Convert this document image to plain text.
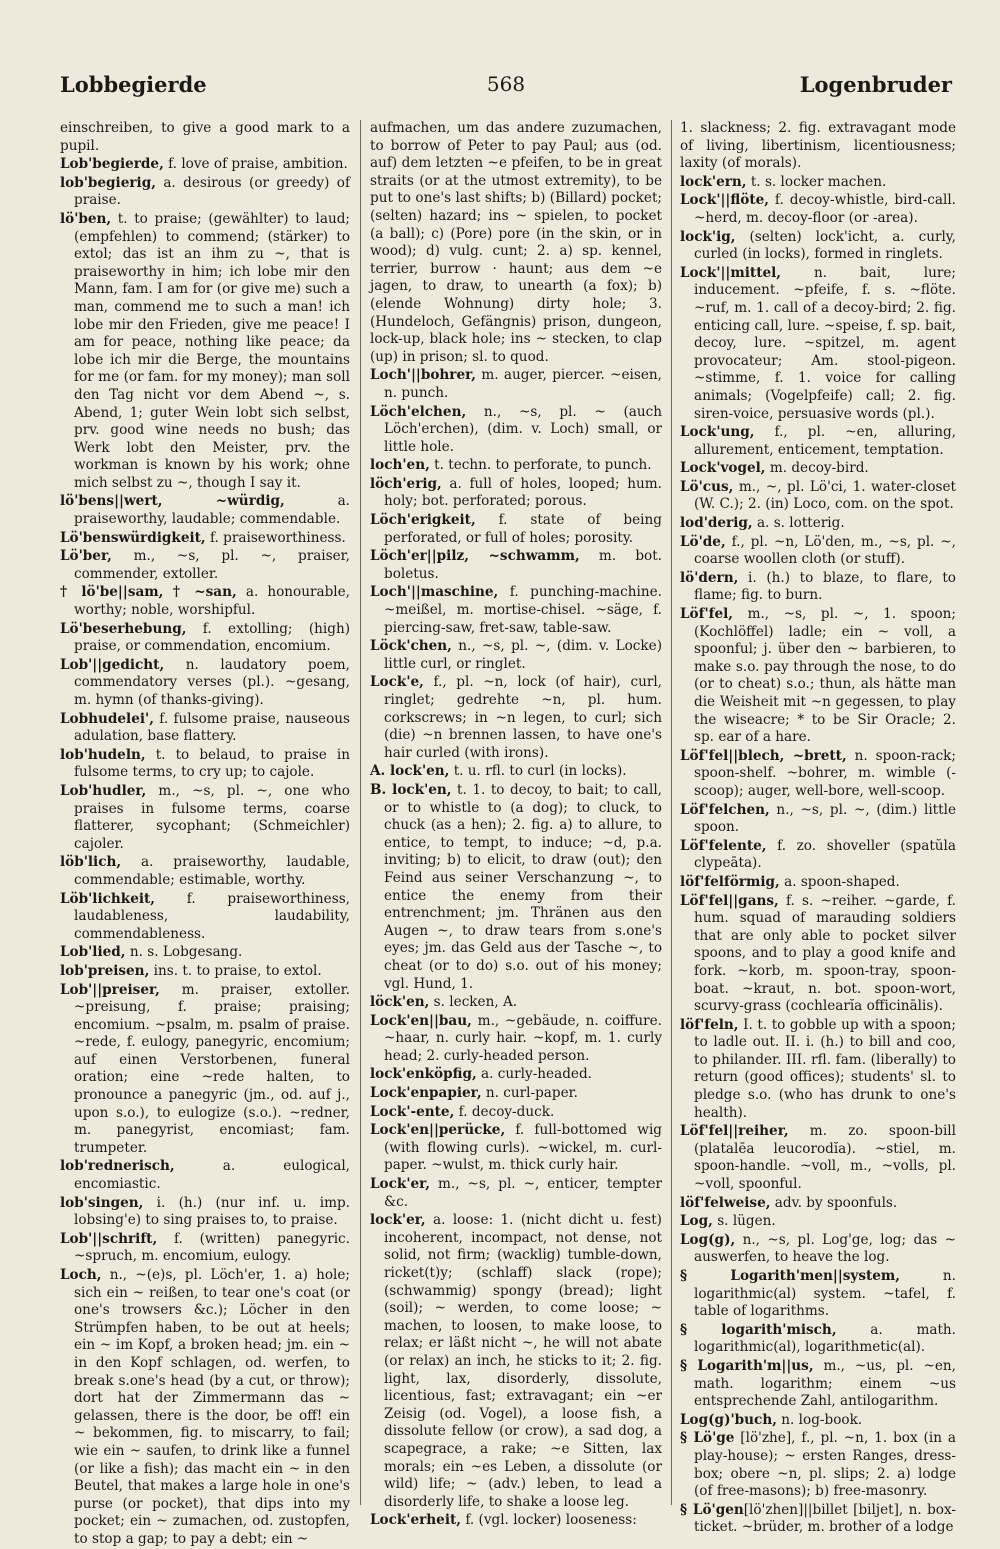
Lobbegierde	568	Logenbruder
einschreiben, to give a good mark to a pupil.
Lob'begierde, f. love of praise, ambition.
lob'begierig, a. desirous (or greedy) of praise.
lö'ben, t. to praise; (gewählter) to laud; (empfehlen) to commend; (stärker) to extol; das ist an ihm zu ~, that is praiseworthy in him; ich lobe mir den Mann, fam. I am for (or give me) such a man, commend me to such a man! ich lobe mir den Frieden, give me peace! I am for peace, nothing like peace; da lobe ich mir die Berge, the mountains for me (or fam. for my money); man soll den Tag nicht vor dem Abend ~, s. Abend, 1; guter Wein lobt sich selbst, prv. good wine needs no bush; das Werk lobt den Meister, prv. the workman is known by his work; ohne mich selbst zu ~, though I say it.
lö'bens||wert, ~würdig, a. praiseworthy, laudable; commendable.
Lö'benswürdigkeit, f. praiseworthiness.
Lö'ber, m., ~s, pl. ~, praiser, commender, extoller.
† lö'be||sam, † ~san, a. honourable, worthy; noble, worshipful.
Lö'beserhebung, f. extolling; (high) praise, or commendation, encomium.
Lob'||gedicht, n. laudatory poem, commendatory verses (pl.). ~gesang, m. hymn (of thanks-giving).
Lobhudelei', f. fulsome praise, nauseous adulation, base flattery.
lob'hudeln, t. to belaud, to praise in fulsome terms, to cry up; to cajole.
Lob'hudler, m., ~s, pl. ~, one who praises in fulsome terms, coarse flatterer, sycophant; (Schmeichler) cajoler.
löb'lich, a. praiseworthy, laudable, commendable; estimable, worthy.
Löb'lichkeit, f. praiseworthiness, laudableness, laudability, commendableness.
Lob'lied, n. s. Lobgesang.
lob'preisen, ins. t. to praise, to extol.
Lob'||preiser, m. praiser, extoller. ~preisung, f. praise; praising; encomium. ~psalm, m. psalm of praise. ~rede, f. eulogy, panegyric, encomium; auf einen Verstorbenen, funeral oration; eine ~rede halten, to pronounce a panegyric (jm., od. auf j., upon s.o.), to eulogize (s.o.). ~redner, m. panegyrist, encomiast; fam. trumpeter.
lob'rednerisch, a. eulogical, encomiastic.
lob'singen, i. (h.) (nur inf. u. imp. lobsing'e) to sing praises to, to praise.
Lob'||schrift, f. (written) panegyric. ~spruch, m. encomium, eulogy.
Loch, n., ~(e)s, pl. Löch'er, 1. a) hole; sich ein ~ reißen, to tear one's coat (or one's trowsers &c.); Löcher in den Strümpfen haben, to be out at heels; ein ~ im Kopf, a broken head; jm. ein ~ in den Kopf schlagen, od. werfen, to break s.one's head (by a cut, or throw); dort hat der Zimmermann das ~ gelassen, there is the door, be off! ein ~ bekommen, fig. to miscarry, to fail; wie ein ~ saufen, to drink like a funnel (or like a fish); das macht ein ~ in den Beutel, that makes a large hole in one's purse (or pocket), that dips into my pocket; ein ~ zumachen, od. zustopfen, to stop a gap; to pay a debt; ein ~
aufmachen, um das andere zuzumachen, to borrow of Peter to pay Paul; aus (od. auf) dem letzten ~e pfeifen, to be in great straits (or at the utmost extremity), to be put to one's last shifts; b) (Billard) pocket; (selten) hazard; ins ~ spielen, to pocket (a ball); c) (Pore) pore (in the skin, or in wood); d) vulg. cunt; 2. a) sp. kennel, terrier, burrow · haunt; aus dem ~e jagen, to draw, to unearth (a fox); b) (elende Wohnung) dirty hole; 3. (Hundeloch, Gefängnis) prison, dungeon, lock-up, black hole; ins ~ stecken, to clap (up) in prison; sl. to quod.
Loch'||bohrer, m. auger, piercer. ~eisen, n. punch.
Löch'elchen, n., ~s, pl. ~ (auch Löch'erchen), (dim. v. Loch) small, or little hole.
loch'en, t. techn. to perforate, to punch.
löch'erig, a. full of holes, looped; hum. holy; bot. perforated; porous.
Löch'erigkeit, f. state of being perforated, or full of holes; porosity.
Löch'er||pilz, ~schwamm, m. bot. boletus.
Loch'||maschine, f. punching-machine. ~meißel, m. mortise-chisel. ~säge, f. piercing-saw, fret-saw, table-saw.
Löck'chen, n., ~s, pl. ~, (dim. v. Locke) little curl, or ringlet.
Lock'e, f., pl. ~n, lock (of hair), curl, ringlet; gedrehte ~n, pl. hum. corkscrews; in ~n legen, to curl; sich (die) ~n brennen lassen, to have one's hair curled (with irons).
A. lock'en, t. u. rfl. to curl (in locks).
B. lock'en, t. 1. to decoy, to bait; to call, or to whistle to (a dog); to cluck, to chuck (as a hen); 2. fig. a) to allure, to entice, to tempt, to induce; ~d, p.a. inviting; b) to elicit, to draw (out); den Feind aus seiner Verschanzung ~, to entice the enemy from their entrenchment; jm. Thränen aus den Augen ~, to draw tears from s.one's eyes; jm. das Geld aus der Tasche ~, to cheat (or to do) s.o. out of his money; vgl. Hund, 1.
löck'en, s. lecken, A.
Lock'en||bau, m., ~gebäude, n. coiffure. ~haar, n. curly hair. ~kopf, m. 1. curly head; 2. curly-headed person.
lock'enköpfig, a. curly-headed.
Lock'enpapier, n. curl-paper.
Lock'-ente, f. decoy-duck.
Lock'en||perücke, f. full-bottomed wig (with flowing curls). ~wickel, m. curl-paper. ~wulst, m. thick curly hair.
Lock'er, m., ~s, pl. ~, enticer, tempter &c.
lock'er, a. loose: 1. (nicht dicht u. fest) incoherent, incompact, not dense, not solid, not firm; (wacklig) tumble-down, ricket(t)y; (schlaff) slack (rope); (schwammig) spongy (bread); light (soil); ~ werden, to come loose; ~ machen, to loosen, to make loose, to relax; er läßt nicht ~, he will not abate (or relax) an inch, he sticks to it; 2. fig. light, lax, disorderly, dissolute, licentious, fast; extravagant; ein ~er Zeisig (od. Vogel), a loose fish, a dissolute fellow (or crow), a sad dog, a scapegrace, a rake; ~e Sitten, lax morals; ein ~es Leben, a dissolute (or wild) life; ~ (adv.) leben, to lead a disorderly life, to shake a loose leg.
Lock'erheit, f. (vgl. locker) looseness:
1. slackness; 2. fig. extravagant mode of living, libertinism, licentiousness; laxity (of morals).
lock'ern, t. s. locker machen.
Lock'||flöte, f. decoy-whistle, bird-call. ~herd, m. decoy-floor (or -area).
lock'ig, (selten) lock'icht, a. curly, curled (in locks), formed in ringlets.
Lock'||mittel, n. bait, lure; inducement. ~pfeife, f. s. ~flöte. ~ruf, m. 1. call of a decoy-bird; 2. fig. enticing call, lure. ~speise, f. sp. bait, decoy, lure. ~spitzel, m. agent provocateur; Am. stool-pigeon. ~stimme, f. 1. voice for calling animals; (Vogelpfeife) call; 2. fig. siren-voice, persuasive words (pl.).
Lock'ung, f., pl. ~en, alluring, allurement, enticement, temptation.
Lock'vogel, m. decoy-bird.
Lö'cus, m., ~, pl. Lö'ci, 1. water-closet (W. C.); 2. (in) Loco, com. on the spot.
lod'derig, a. s. lotterig.
Lö'de, f., pl. ~n, Lö'den, m., ~s, pl. ~, coarse woollen cloth (or stuff).
lö'dern, i. (h.) to blaze, to flare, to flame; fig. to burn.
Löf'fel, m., ~s, pl. ~, 1. spoon; (Kochlöffel) ladle; ein ~ voll, a spoonful; j. über den ~ barbieren, to make s.o. pay through the nose, to do (or to cheat) s.o.; thun, als hätte man die Weisheit mit ~n gegessen, to play the wiseacre; * to be Sir Oracle; 2. sp. ear of a hare.
Löf'fel||blech, ~brett, n. spoon-rack; spoon-shelf. ~bohrer, m. wimble (-scoop); auger, well-bore, well-scoop.
Löf'felchen, n., ~s, pl. ~, (dim.) little spoon.
Löf'felente, f. zo. shoveller (spatŭla clypeāta).
löf'felförmig, a. spoon-shaped.
Löf'fel||gans, f. s. ~reiher. ~garde, f. hum. squad of marauding soldiers that are only able to pocket silver spoons, and to play a good knife and fork. ~korb, m. spoon-tray, spoon-boat. ~kraut, n. bot. spoon-wort, scurvy-grass (cochlearĭa officinālis).
löf'feln, I. t. to gobble up with a spoon; to ladle out. II. i. (h.) to bill and coo, to philander. III. rfl. fam. (liberally) to return (good offices); students' sl. to pledge s.o. (who has drunk to one's health).
Löf'fel||reiher, m. zo. spoon-bill (platalēa leucorodĭa). ~stiel, m. spoon-handle. ~voll, m., ~volls, pl. ~voll, spoonful.
löf'felweise, adv. by spoonfuls.
Log, s. lügen.
Log(g), n., ~s, pl. Log'ge, log; das ~ auswerfen, to heave the log.
§ Logarith'men||system, n. logarithmic(al) system. ~tafel, f. table of logarithms.
§ logarith'misch, a. math. logarithmic(al), logarithmetic(al).
§ Logarith'm||us, m., ~us, pl. ~en, math. logarithm; einem ~us entsprechende Zahl, antilogarithm.
Log(g)'buch, n. log-book.
§ Lö'ge [lö'zhe], f., pl. ~n, 1. box (in a play-house); ~ ersten Ranges, dress-box; obere ~n, pl. slips; 2. a) lodge (of free-masons); b) free-masonry.
§ Lö'gen[lö'zhen]||billet [biljet], n. box-ticket. ~brüder, m. brother of a lodge
